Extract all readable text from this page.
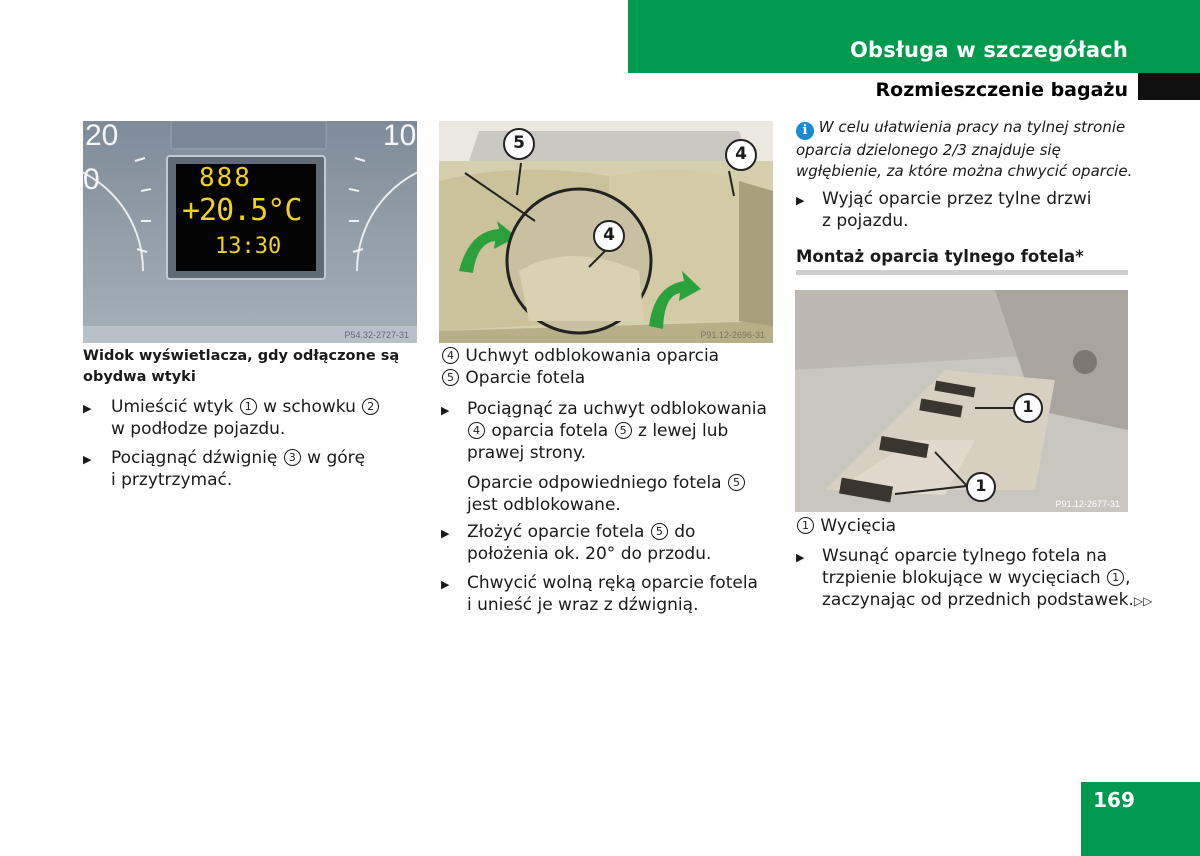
Obsługa w szczegółach
Rozmieszczenie bagażu
20
0
10
888
+20.5°C
13:30
P54.32-2727-31
5
4
4
P91.12-2696-31
1
1
P91.12-2677-31
Widok wyświetlacza, gdy odłączone są obydwa wtyki
▶ Umieścić wtyk 1 w schowku 2
w podłodze pojazdu.
▶ Pociągnąć dźwignię 3 w górę
i przytrzymać.
4 Uchwyt odblokowania oparcia
5 Oparcie fotela
▶ Pociągnąć za uchwyt odblokowania
4 oparcia fotela 5 z lewej lub
prawej strony.
Oparcie odpowiedniego fotela 5
jest odblokowane.
▶ Złożyć oparcie fotela 5 do
położenia ok. 20° do przodu.
▶ Chwycić wolną ręką oparcie fotela
i unieść je wraz z dźwignią.
i W celu ułatwienia pracy na tylnej stronie
oparcia dzielonego 2/3 znajduje się
wgłębienie, za które można chwycić oparcie.
▶ Wyjąć oparcie przez tylne drzwi
z pojazdu.
Montaż oparcia tylnego fotela*
1 Wycięcia
▶ Wsunąć oparcie tylnego fotela na
trzpienie blokujące w wycięciach 1 ,
zaczynając od przednich podstawek.▷▷
169
